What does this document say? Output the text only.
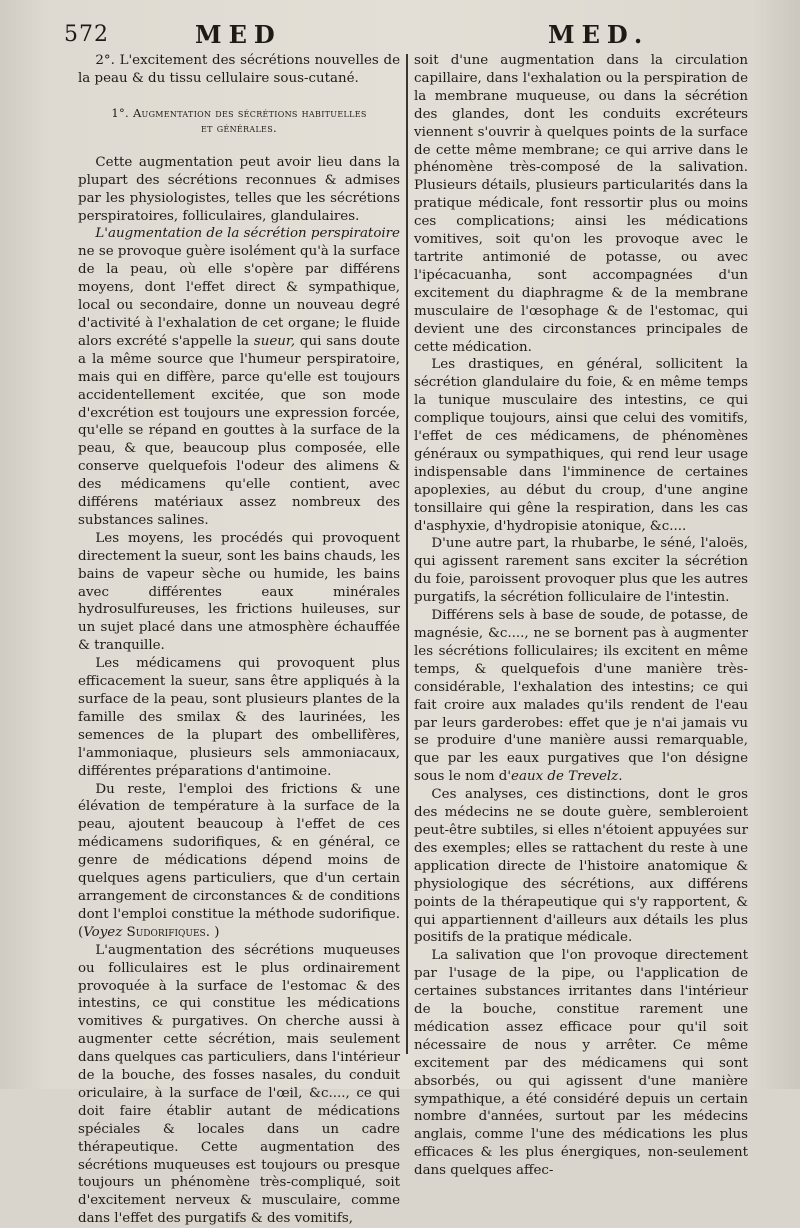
572	MED	MED.

2°. L'excitement des sécrétions nouvelles de la peau & du tissu cellulaire sous-cutané.

1°. Augmentation des sécrétions habituelles
et générales.

Cette augmentation peut avoir lieu dans la plupart des sécrétions reconnues & admises par les physiologistes, telles que les sécrétions perspiratoires, folliculaires, glandulaires.

L'augmentation de la sécrétion perspiratoire ne se provoque guère isolément qu'à la surface de la peau, où elle s'opère par différens moyens, dont l'effet direct & sympathique, local ou secondaire, donne un nouveau degré d'activité à l'exhalation de cet organe; le fluide alors excrété s'appelle la sueur, qui sans doute a la même source que l'humeur perspiratoire, mais qui en diffère, parce qu'elle est toujours accidentellement excitée, que son mode d'excrétion est toujours une expression forcée, qu'elle se répand en gouttes à la surface de la peau, & que, beaucoup plus composée, elle conserve quelquefois l'odeur des alimens & des médicamens qu'elle contient, avec différens matériaux assez nombreux des substances salines.

Les moyens, les procédés qui provoquent directement la sueur, sont les bains chauds, les bains de vapeur sèche ou humide, les bains avec différentes eaux minérales hydrosulfureuses, les frictions huileuses, sur un sujet placé dans une atmosphère échauffée & tranquille.

Les médicamens qui provoquent plus efficacement la sueur, sans être appliqués à la surface de la peau, sont plusieurs plantes de la famille des smilax & des laurinées, les semences de la plupart des ombellifères, l'ammoniaque, plusieurs sels ammoniacaux, différentes préparations d'antimoine.

Du reste, l'emploi des frictions & une élévation de température à la surface de la peau, ajoutent beaucoup à l'effet de ces médicamens sudorifiques, & en général, ce genre de médications dépend moins de quelques agens particuliers, que d'un certain arrangement de circonstances & de conditions dont l'emploi constitue la méthode sudorifique. (Voyez Sudorifiques. )

L'augmentation des sécrétions muqueuses ou folliculaires est le plus ordinairement provoquée à la surface de l'estomac & des intestins, ce qui constitue les médications vomitives & purgatives. On cherche aussi à augmenter cette sécrétion, mais seulement dans quelques cas particuliers, dans l'intérieur de la bouche, des fosses nasales, du conduit oriculaire, à la surface de l'œil, &c...., ce qui doit faire établir autant de médications spéciales & locales dans un cadre thérapeutique. Cette augmentation des sécrétions muqueuses est toujours ou presque toujours un phénomène très-compliqué, soit d'excitement nerveux & musculaire, comme dans l'effet des purgatifs & des vomitifs,

soit d'une augmentation dans la circulation capillaire, dans l'exhalation ou la perspiration de la membrane muqueuse, ou dans la sécrétion des glandes, dont les conduits excréteurs viennent s'ouvrir à quelques points de la surface de cette même membrane; ce qui arrive dans le phénomène très-composé de la salivation. Plusieurs détails, plusieurs particularités dans la pratique médicale, font ressortir plus ou moins ces complications; ainsi les médications vomitives, soit qu'on les provoque avec le tartrite antimonié de potasse, ou avec l'ipécacuanha, sont accompagnées d'un excitement du diaphragme & de la membrane musculaire de l'œsophage & de l'estomac, qui devient une des circonstances principales de cette médication.

Les drastiques, en général, sollicitent la sécrétion glandulaire du foie, & en même temps la tunique musculaire des intestins, ce qui complique toujours, ainsi que celui des vomitifs, l'effet de ces médicamens, de phénomènes généraux ou sympathiques, qui rend leur usage indispensable dans l'imminence de certaines apoplexies, au début du croup, d'une angine tonsillaire qui gêne la respiration, dans les cas d'asphyxie, d'hydropisie atonique, &c....

D'une autre part, la rhubarbe, le séné, l'aloës, qui agissent rarement sans exciter la sécrétion du foie, paroissent provoquer plus que les autres purgatifs, la sécrétion folliculaire de l'intestin.

Différens sels à base de soude, de potasse, de magnésie, &c...., ne se bornent pas à augmenter les sécrétions folliculaires; ils excitent en même temps, & quelquefois d'une manière très-considérable, l'exhalation des intestins; ce qui fait croire aux malades qu'ils rendent de l'eau par leurs garderobes: effet que je n'ai jamais vu se produire d'une manière aussi remarquable, que par les eaux purgatives que l'on désigne sous le nom d'eaux de Trevelz.

Ces analyses, ces distinctions, dont le gros des médecins ne se doute guère, sembleroient peut-être subtiles, si elles n'étoient appuyées sur des exemples; elles se rattachent du reste à une application directe de l'histoire anatomique & physiologique des sécrétions, aux différens points de la thérapeutique qui s'y rapportent, & qui appartiennent d'ailleurs aux détails les plus positifs de la pratique médicale.

La salivation que l'on provoque directement par l'usage de la pipe, ou l'application de certaines substances irritantes dans l'intérieur de la bouche, constitue rarement une médication assez efficace pour qu'il soit nécessaire de nous y arrêter. Ce même excitement par des médicamens qui sont absorbés, ou qui agissent d'une manière sympathique, a été considéré depuis un certain nombre d'années, surtout par les médecins anglais, comme l'une des médications les plus efficaces & les plus énergiques, non-seulement dans quelques affec-
